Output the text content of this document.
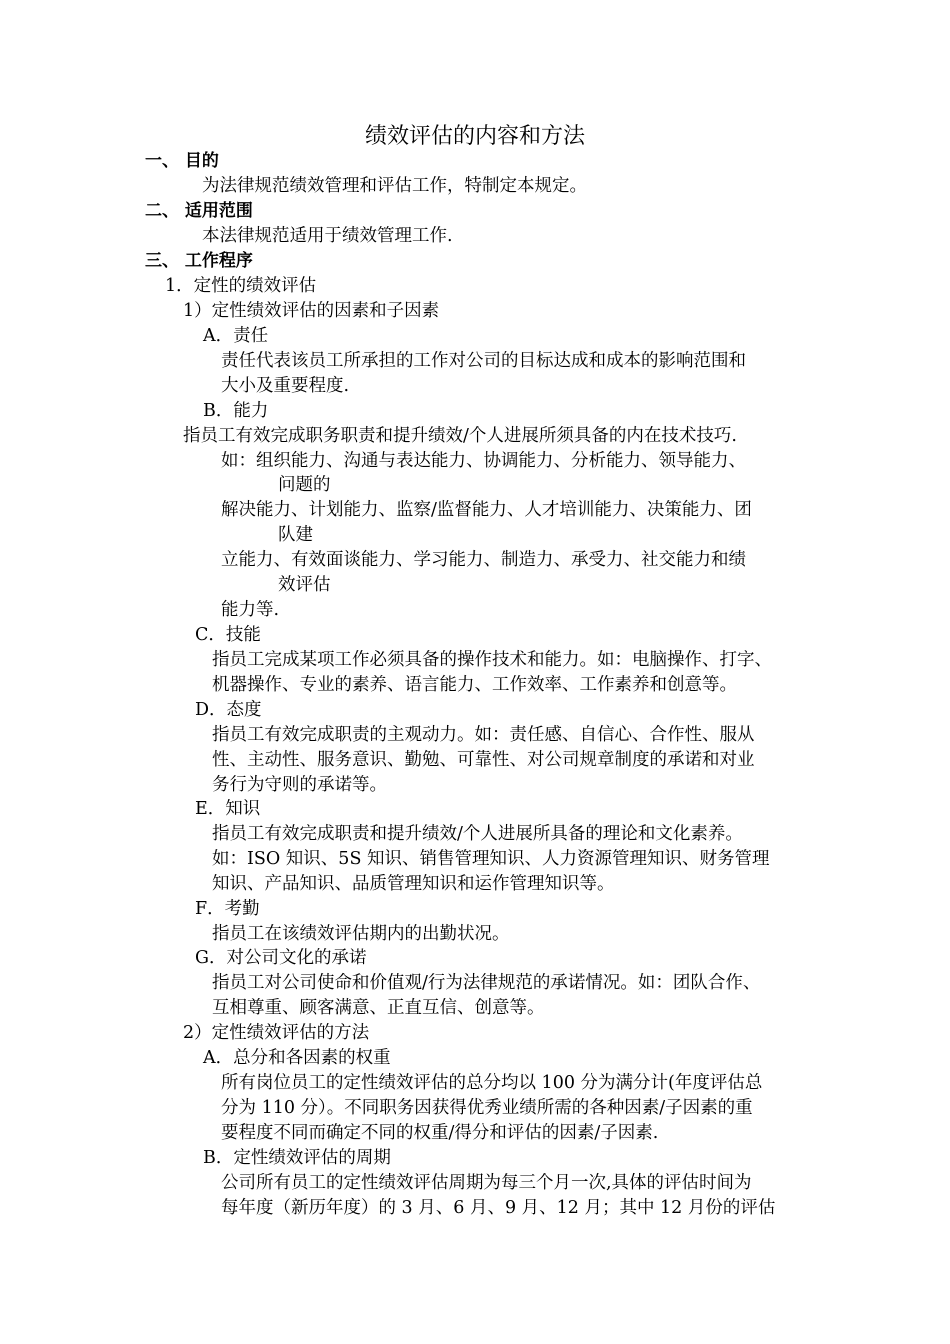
绩效评估的内容和方法
一、 目的
为法律规范绩效管理和评估工作，特制定本规定。
二、 适用范围
本法律规范适用于绩效管理工作.
三、 工作程序
1．定性的绩效评估
1）定性绩效评估的因素和子因素
A．责任
责任代表该员工所承担的工作对公司的目标达成和成本的影响范围和
大小及重要程度.
B．能力
指员工有效完成职务职责和提升绩效/个人进展所须具备的内在技术技巧.
如：组织能力、沟通与表达能力、协调能力、分析能力、领导能力、
问题的
解决能力、计划能力、监察/监督能力、人才培训能力、决策能力、团
队建
立能力、有效面谈能力、学习能力、制造力、承受力、社交能力和绩
效评估
能力等.
C．技能
指员工完成某项工作必须具备的操作技术和能力。如：电脑操作、打字、
机器操作、专业的素养、语言能力、工作效率、工作素养和创意等。
D．态度
指员工有效完成职责的主观动力。如：责任感、自信心、合作性、服从
性、主动性、服务意识、勤勉、可靠性、对公司规章制度的承诺和对业
务行为守则的承诺等。
E．知识
指员工有效完成职责和提升绩效/个人进展所具备的理论和文化素养。
如：ISO 知识、5S 知识、销售管理知识、人力资源管理知识、财务管理
知识、产品知识、品质管理知识和运作管理知识等。
F．考勤
指员工在该绩效评估期内的出勤状况。
G．对公司文化的承诺
指员工对公司使命和价值观/行为法律规范的承诺情况。如：团队合作、
互相尊重、顾客满意、正直互信、创意等。
2）定性绩效评估的方法
A．总分和各因素的权重
所有岗位员工的定性绩效评估的总分均以 100 分为满分计(年度评估总
分为 110 分）。不同职务因获得优秀业绩所需的各种因素/子因素的重
要程度不同而确定不同的权重/得分和评估的因素/子因素.
B．定性绩效评估的周期
公司所有员工的定性绩效评估周期为每三个月一次,具体的评估时间为
每年度（新历年度）的 3 月、6 月、9 月、12 月；其中 12 月份的评估
